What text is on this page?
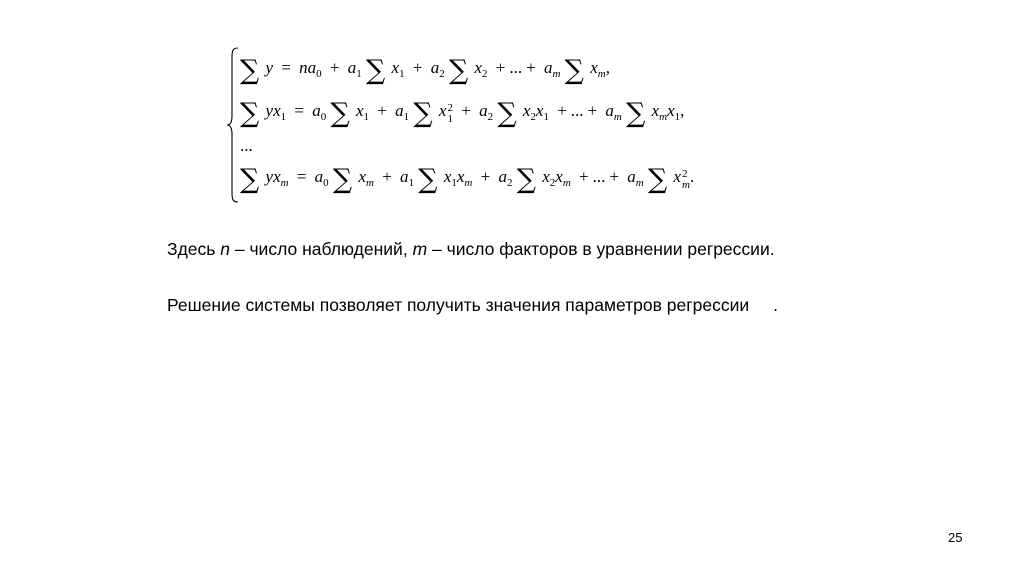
∑ $y = na_0 + a_1$ ∑ $x_1 + a_2$ ∑ $x_2$ + ... + $a_m$ ∑ $x_m$,
∑ $yx_1 = a_0$ ∑ $x_1 + a_1$ ∑ x 2
$1 + a_2$ ∑ $x_2x_1$ + ... + $a_m$ ∑ $x_mx_1$,
...
∑ $yx_m = a_0$ ∑ $x_m + a_1$ ∑ $x_1x_m + a_2$ ∑ $x_2x_m$ + ... + $a_m$ ∑ x 2
m .
Здесь n – число наблюдений, m – число факторов в уравнении регрессии.
Решение системы позволяет получить значения параметров регрессии .
25
